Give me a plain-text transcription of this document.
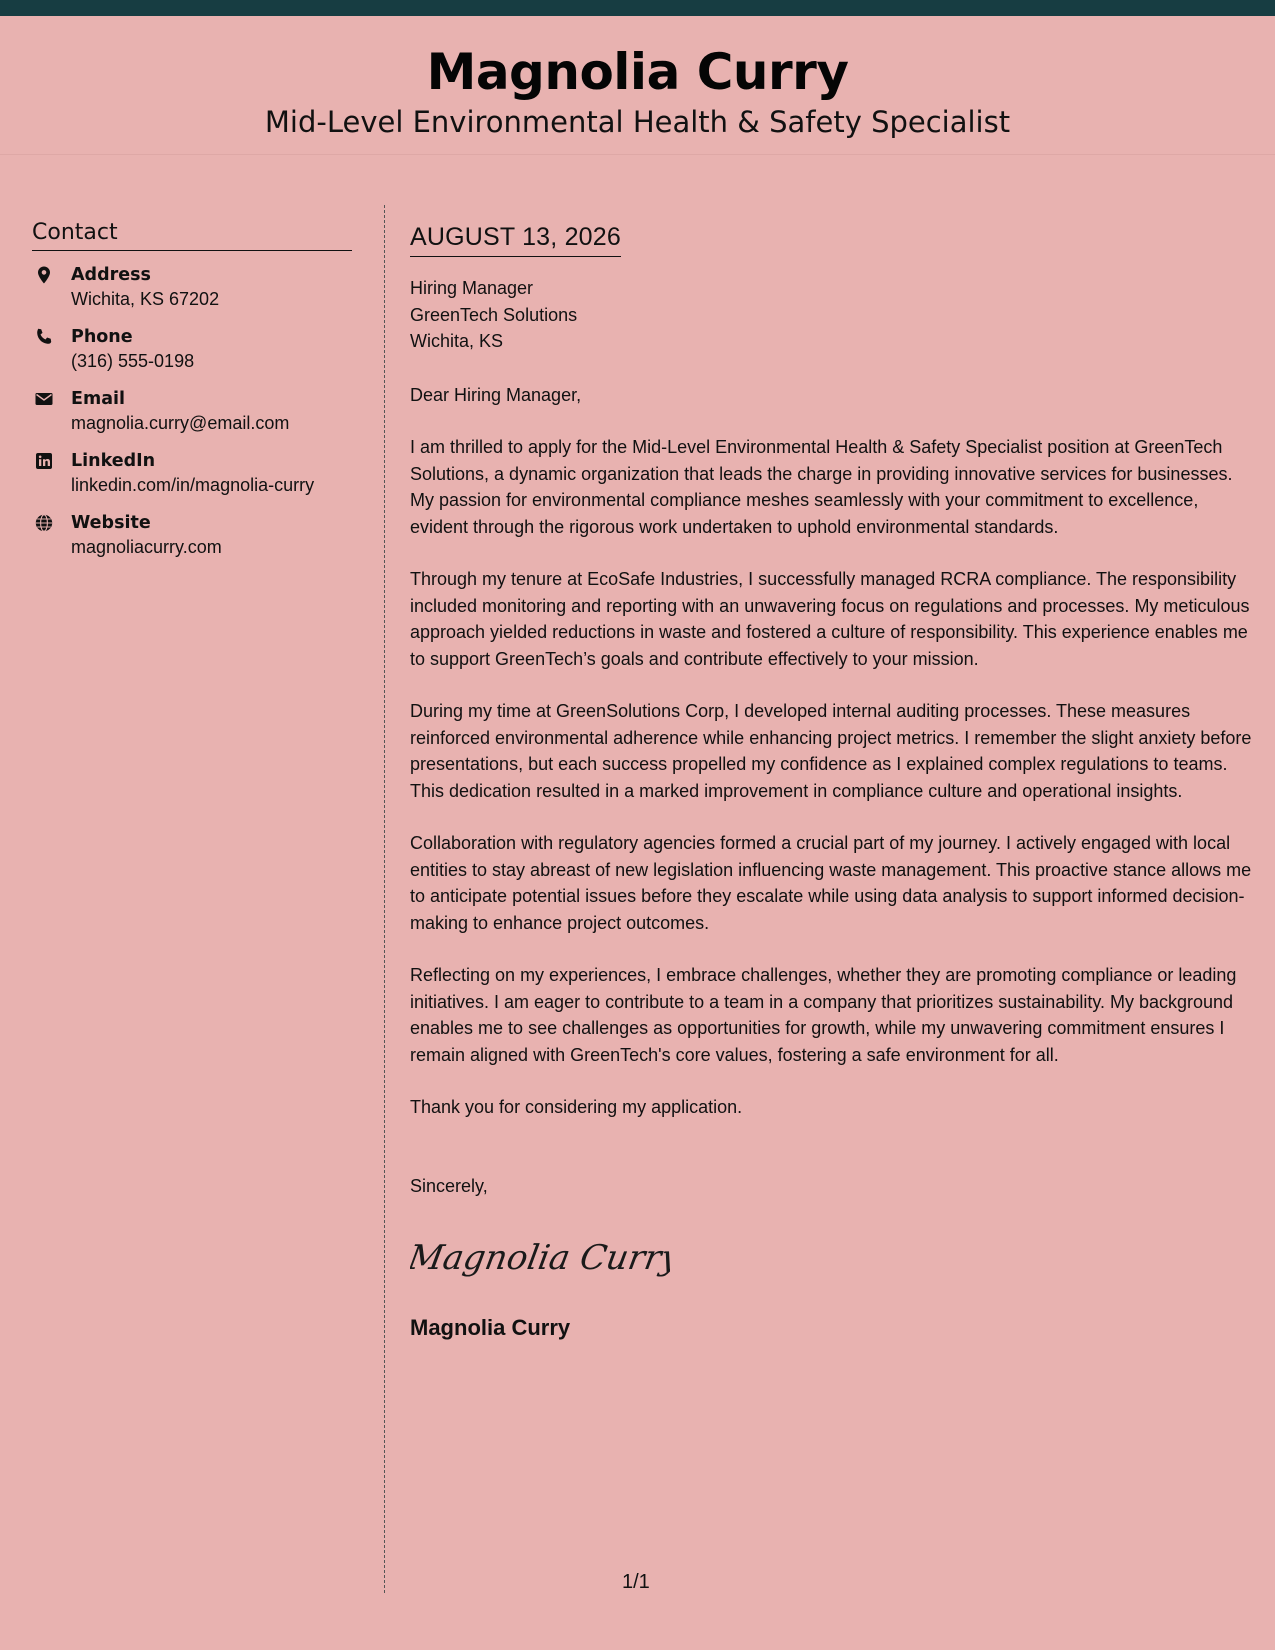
Magnolia Curry
Mid-Level Environmental Health & Safety Specialist
Contact
Address
Wichita, KS 67202
Phone
(316) 555-0198
Email
magnolia.curry@email.com
LinkedIn
linkedin.com/in/magnolia-curry
Website
magnoliacurry.com
AUGUST 13, 2026
Hiring Manager
GreenTech Solutions
Wichita, KS
Dear Hiring Manager,

I am thrilled to apply for the Mid-Level Environmental Health & Safety Specialist position at GreenTech Solutions, a dynamic organization that leads the charge in providing innovative services for businesses. My passion for environmental compliance meshes seamlessly with your commitment to excellence, evident through the rigorous work undertaken to uphold environmental standards.

Through my tenure at EcoSafe Industries, I successfully managed RCRA compliance. The responsibility included monitoring and reporting with an unwavering focus on regulations and processes. My meticulous approach yielded reductions in waste and fostered a culture of responsibility. This experience enables me to support GreenTech’s goals and contribute effectively to your mission.

During my time at GreenSolutions Corp, I developed internal auditing processes. These measures reinforced environmental adherence while enhancing project metrics. I remember the slight anxiety before presentations, but each success propelled my confidence as I explained complex regulations to teams. This dedication resulted in a marked improvement in compliance culture and operational insights.

Collaboration with regulatory agencies formed a crucial part of my journey. I actively engaged with local entities to stay abreast of new legislation influencing waste management. This proactive stance allows me to anticipate potential issues before they escalate while using data analysis to support informed decision-making to enhance project outcomes.

Reflecting on my experiences, I embrace challenges, whether they are promoting compliance or leading initiatives. I am eager to contribute to a team in a company that prioritizes sustainability. My background enables me to see challenges as opportunities for growth, while my unwavering commitment ensures I remain aligned with GreenTech's core values, fostering a safe environment for all.

Thank you for considering my application.
Sincerely,
Magnolia Curry
Magnolia Curry
1/1
